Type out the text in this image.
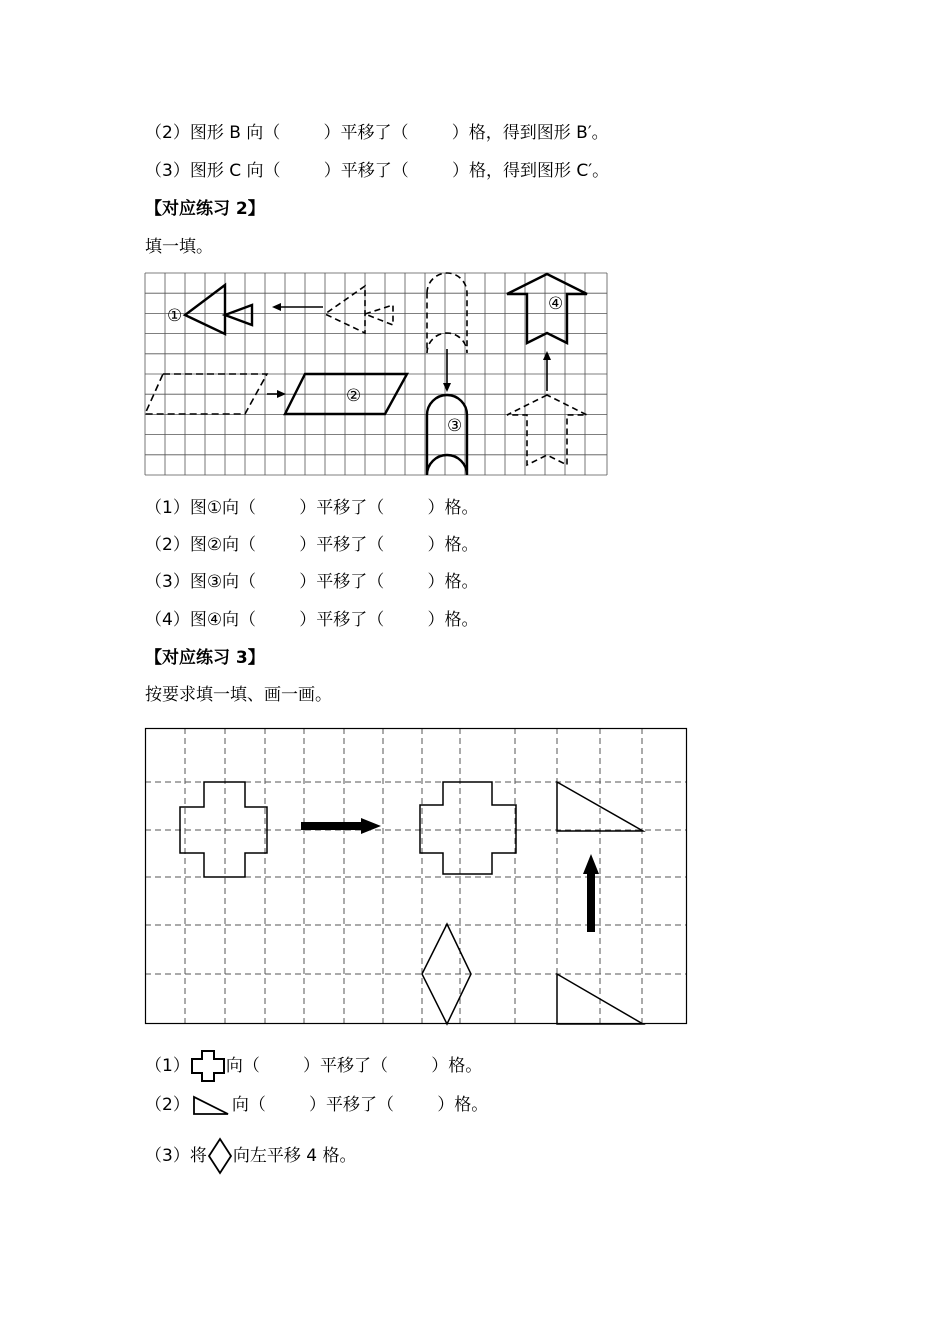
（2）图形 B 向（        ）平移了（        ）格，得到图形 B′。
（3）图形 C 向（        ）平移了（        ）格，得到图形 C′。
【对应练习 2】
填一填。
①
②
③
④
（1）图①向（        ）平移了（        ）格。
（2）图②向（        ）平移了（        ）格。
（3）图③向（        ）平移了（        ）格。
（4）图④向（        ）平移了（        ）格。
【对应练习 3】
按要求填一填、画一画。
（1） 向（        ）平移了（        ）格。
（2） 向（        ）平移了（        ）格。
（3）将 向左平移 4 格。
